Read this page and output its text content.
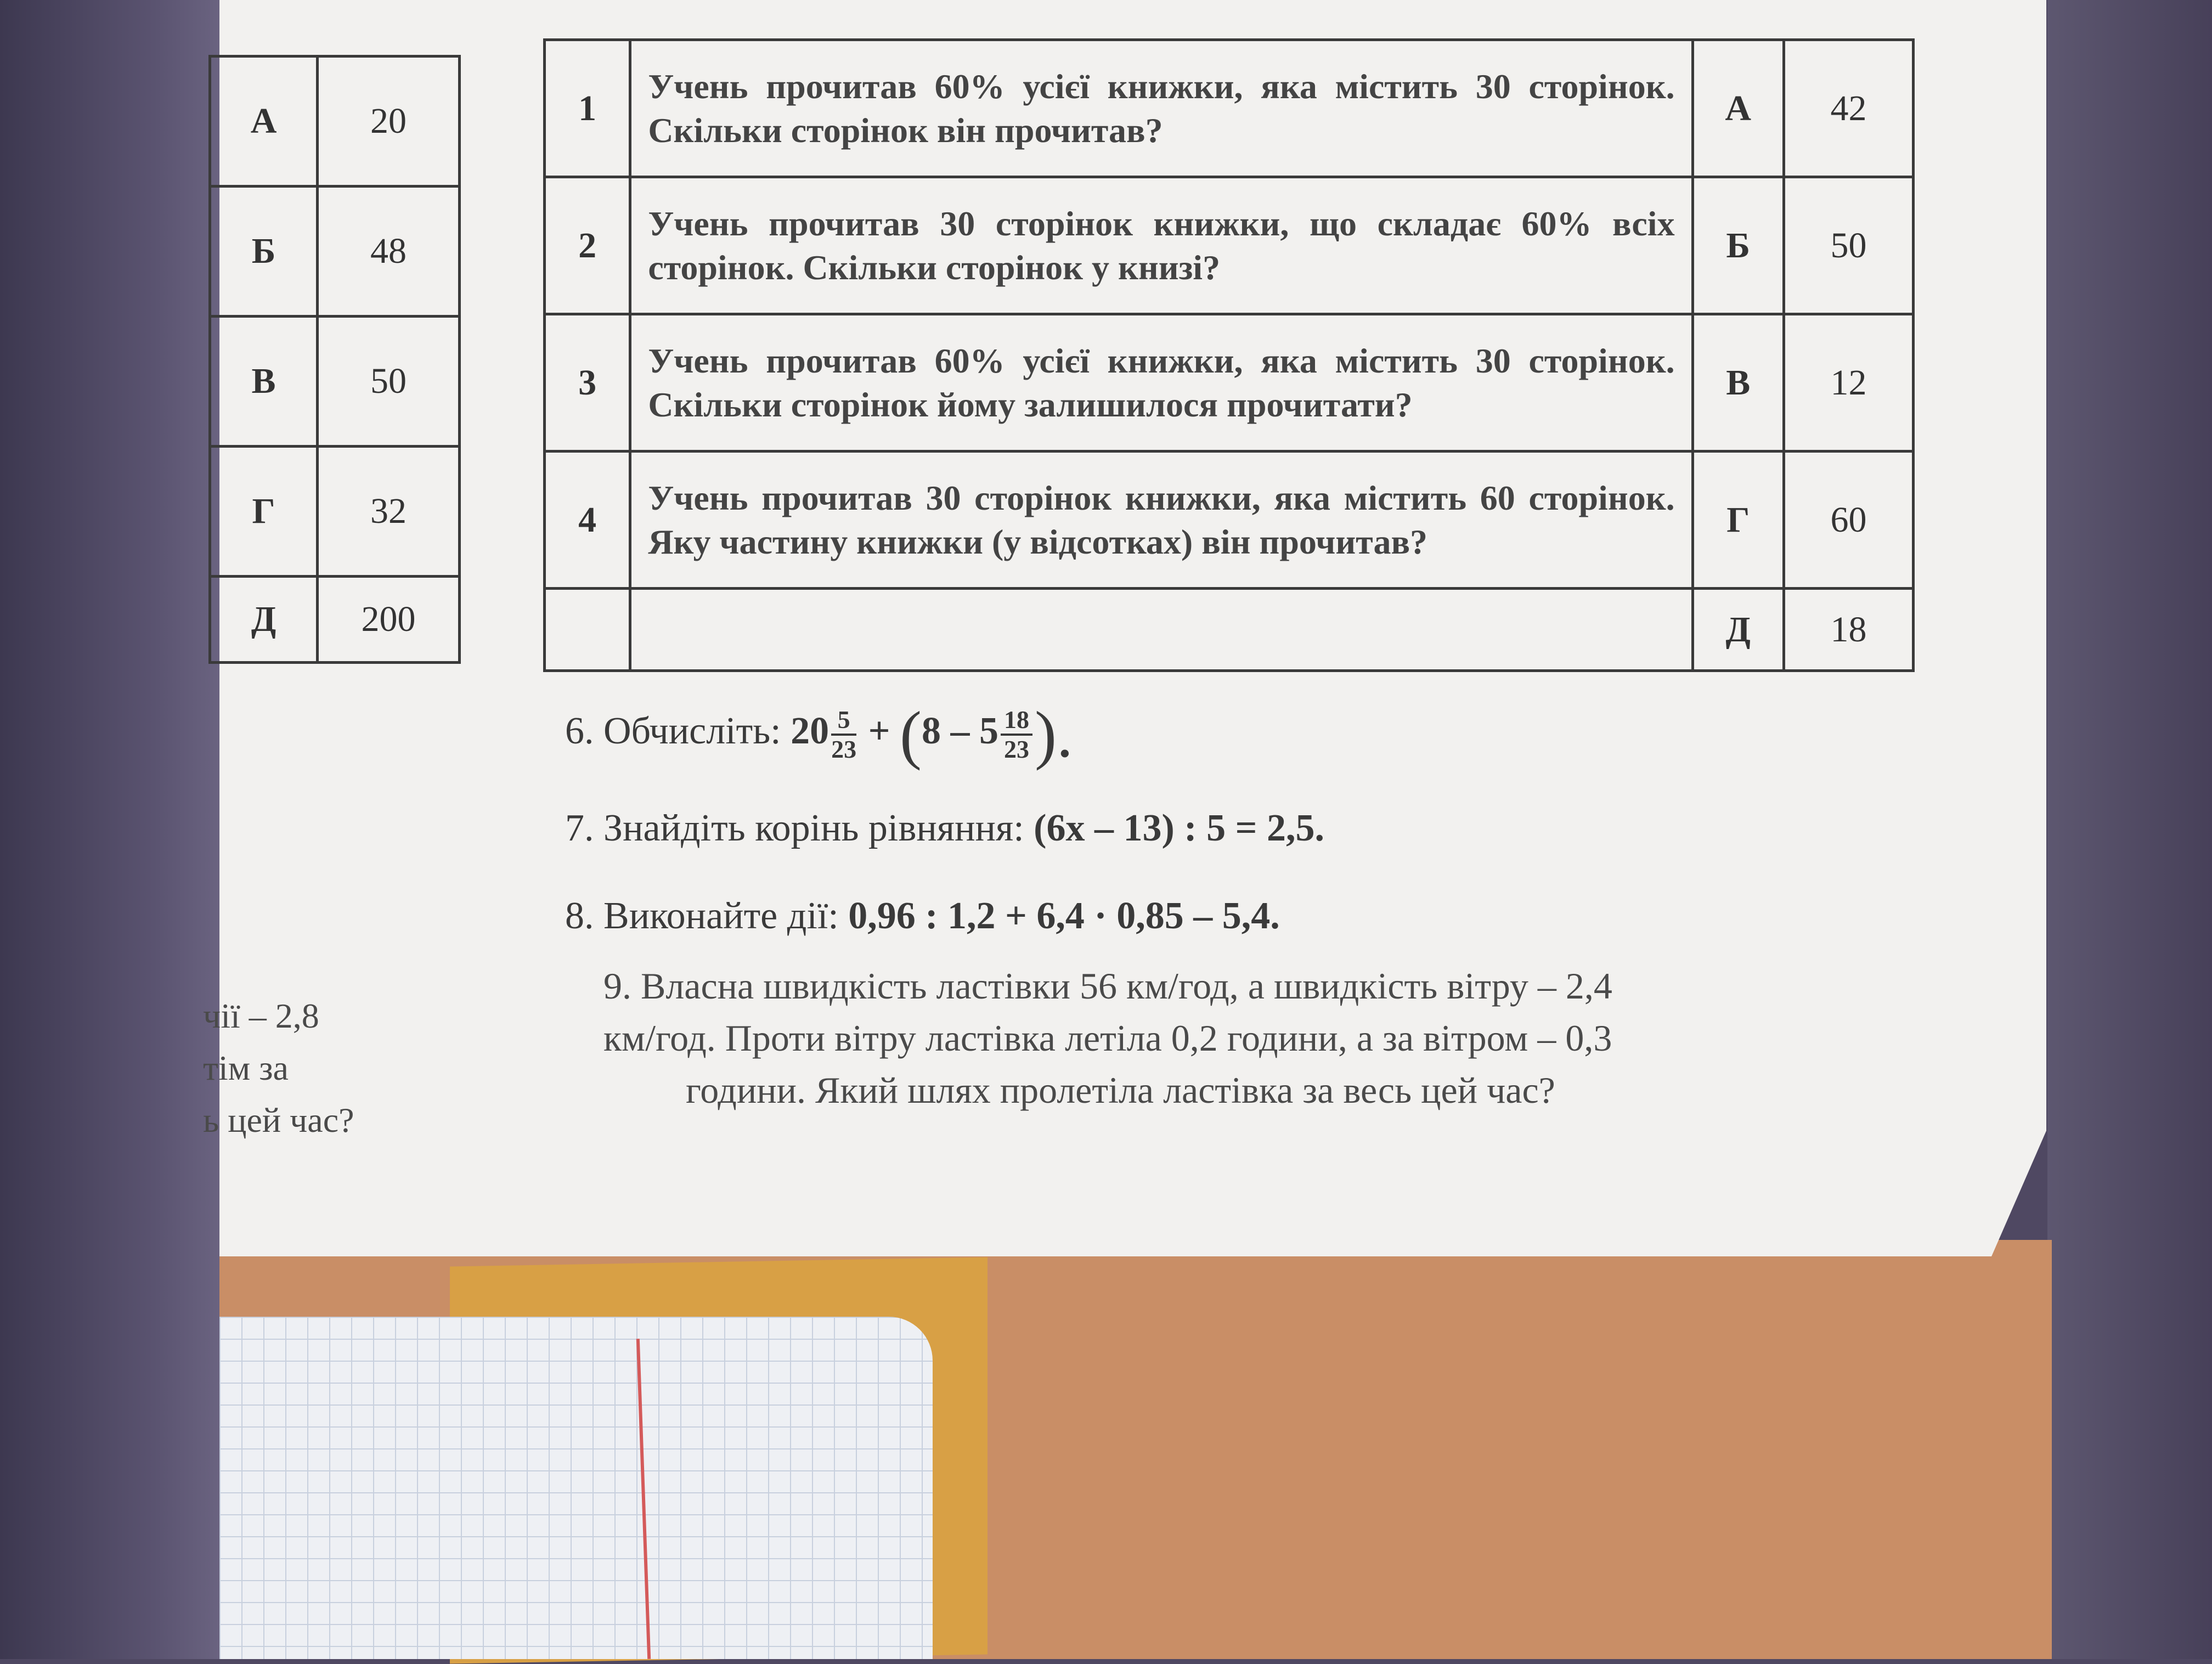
А	20
Б	48
В	50
Г	32
Д	200
1	Учень прочитав 60% усієї книжки, яка містить 30 сторінок. Скільки сторінок він прочитав?	А	42
2	Учень прочитав 30 сторінок книжки, що складає 60% всіх сторінок. Скільки сторінок у книзі?	Б	50
3	Учень прочитав 60% усієї книжки, яка містить 30 сторінок. Скільки сторінок йому залишилося прочитати?	В	12
4	Учень прочитав 30 сторінок книжки, яка містить 60 сторінок. Яку частину книжки (у відсотках) він прочитав?	Г	60
		Д	18
6. Обчисліть: $20 \frac{5}{23} + (8 - 5 \frac{18}{23}$ ).
7. Знайдіть корінь рівняння: (6x – 13) : 5 = 2,5.
8. Виконайте дії: 0,96 : 1,2 + 6,4 · 0,85 – 5,4.
9. Власна швидкість ластівки 56 км/год, а швидкість вітру – 2,4
км/год. Проти вітру ластівка летіла 0,2 години, а за вітром – 0,3
години. Який шлях пролетіла ластівка за весь цей час?
чії – 2,8
тім за
ь цей час?
